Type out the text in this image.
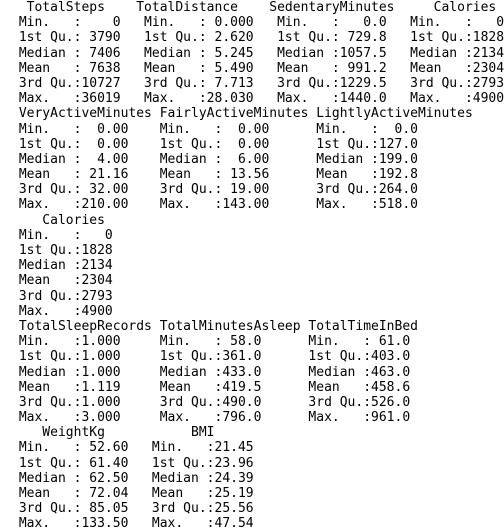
TotalSteps    TotalDistance    SedentaryMinutes     Calories
Min.   :    0   Min.   : 0.000   Min.   :   0.0   Min.   :   0
1st Qu.: 3790   1st Qu.: 2.620   1st Qu.: 729.8   1st Qu.:1828
Median : 7406   Median : 5.245   Median :1057.5   Median :2134
Mean   : 7638   Mean   : 5.490   Mean   : 991.2   Mean   :2304
3rd Qu.:10727   3rd Qu.: 7.713   3rd Qu.:1229.5   3rd Qu.:2793
Max.   :36019   Max.   :28.030   Max.   :1440.0   Max.   :4900
VeryActiveMinutes FairlyActiveMinutes LightlyActiveMinutes
Min.   :  0.00    Min.   :  0.00      Min.   :  0.0
1st Qu.:  0.00    1st Qu.:  0.00      1st Qu.:127.0
Median :  4.00    Median :  6.00      Median :199.0
Mean   : 21.16    Mean   : 13.56      Mean   :192.8
3rd Qu.: 32.00    3rd Qu.: 19.00      3rd Qu.:264.0
Max.   :210.00    Max.   :143.00      Max.   :518.0
Calories
Min.   :   0
1st Qu.:1828
Median :2134
Mean   :2304
3rd Qu.:2793
Max.   :4900
TotalSleepRecords TotalMinutesAsleep TotalTimeInBed
Min.   :1.000     Min.   : 58.0      Min.   : 61.0
1st Qu.:1.000     1st Qu.:361.0      1st Qu.:403.0
Median :1.000     Median :433.0      Median :463.0
Mean   :1.119     Mean   :419.5      Mean   :458.6
3rd Qu.:1.000     3rd Qu.:490.0      3rd Qu.:526.0
Max.   :3.000     Max.   :796.0      Max.   :961.0
WeightKg           BMI
Min.   : 52.60   Min.   :21.45
1st Qu.: 61.40   1st Qu.:23.96
Median : 62.50   Median :24.39
Mean   : 72.04   Mean   :25.19
3rd Qu.: 85.05   3rd Qu.:25.56
Max.   :133.50   Max.   :47.54
